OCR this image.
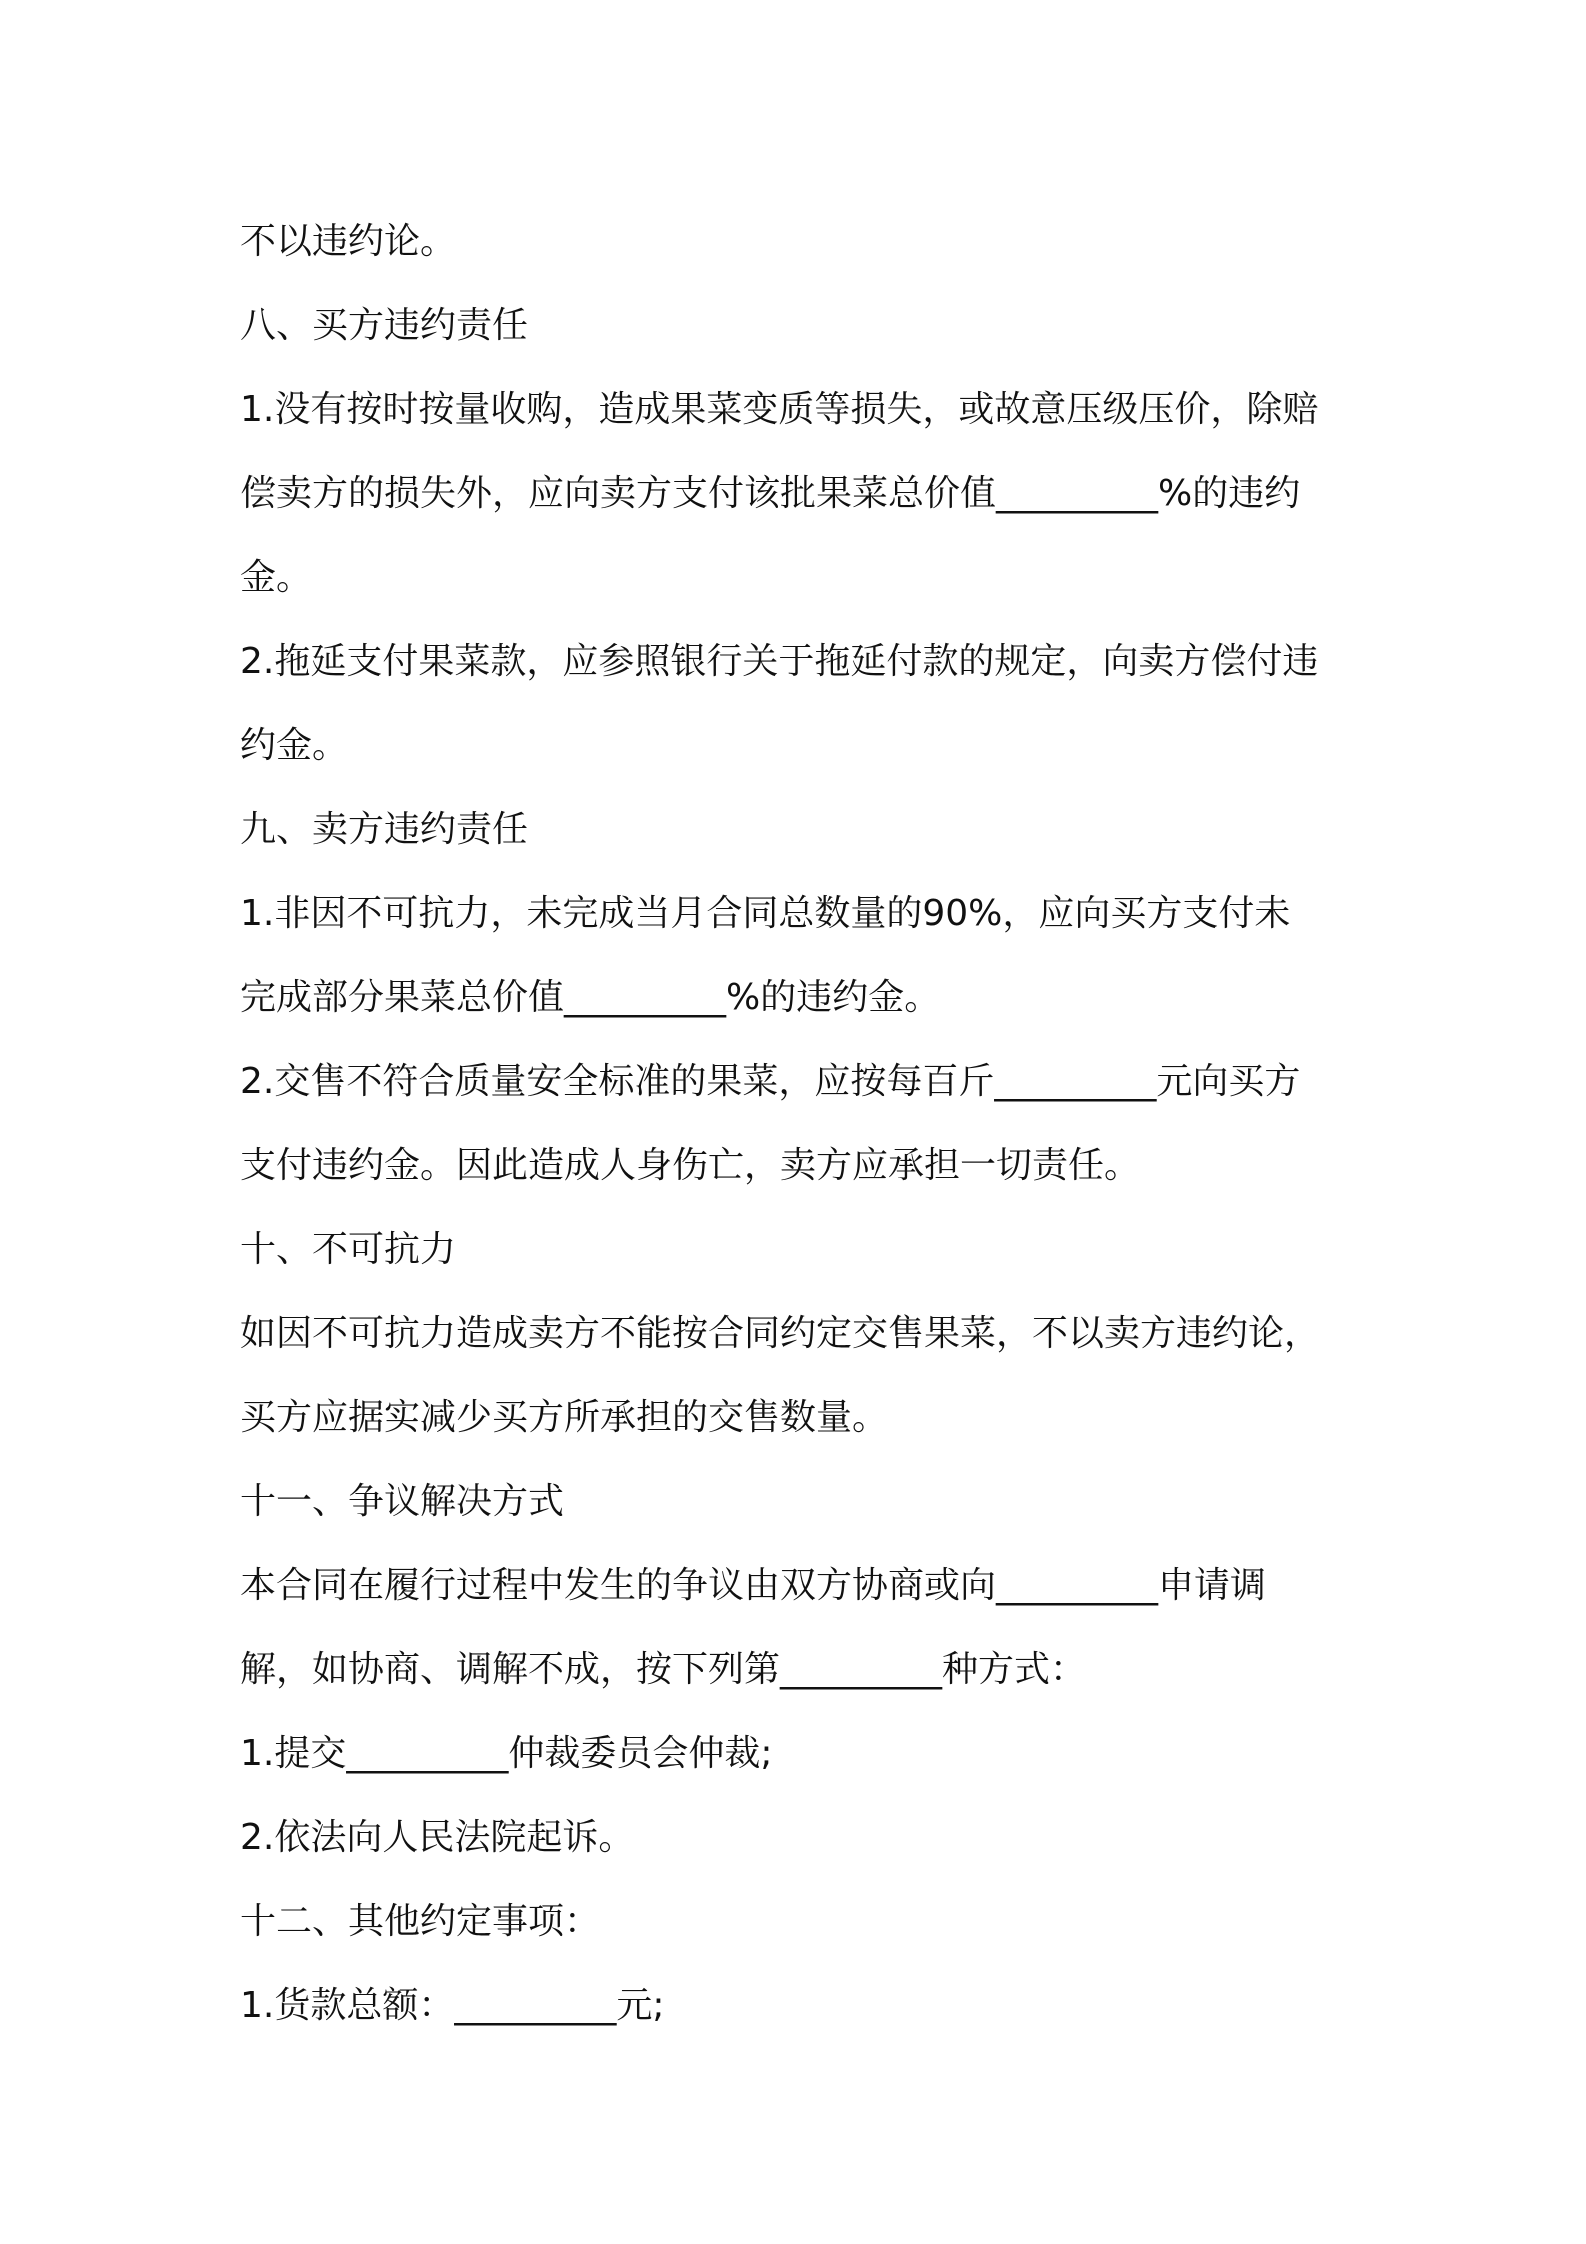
不以违约论。
八、买方违约责任
1.没有按时按量收购，造成果菜变质等损失，或故意压级压价，除赔
偿卖方的损失外，应向卖方支付该批果菜总价值_________%的违约
金。
2.拖延支付果菜款，应参照银行关于拖延付款的规定，向卖方偿付违
约金。
九、卖方违约责任
1.非因不可抗力，未完成当月合同总数量的90%，应向买方支付未
完成部分果菜总价值_________%的违约金。
2.交售不符合质量安全标准的果菜，应按每百斤_________元向买方
支付违约金。因此造成人身伤亡，卖方应承担一切责任。
十、不可抗力
如因不可抗力造成卖方不能按合同约定交售果菜，不以卖方违约论，
买方应据实减少买方所承担的交售数量。
十一、争议解决方式
本合同在履行过程中发生的争议由双方协商或向_________申请调
解，如协商、调解不成，按下列第_________种方式：
1.提交_________仲裁委员会仲裁;
2.依法向人民法院起诉。
十二、其他约定事项：
1.货款总额：_________元;
